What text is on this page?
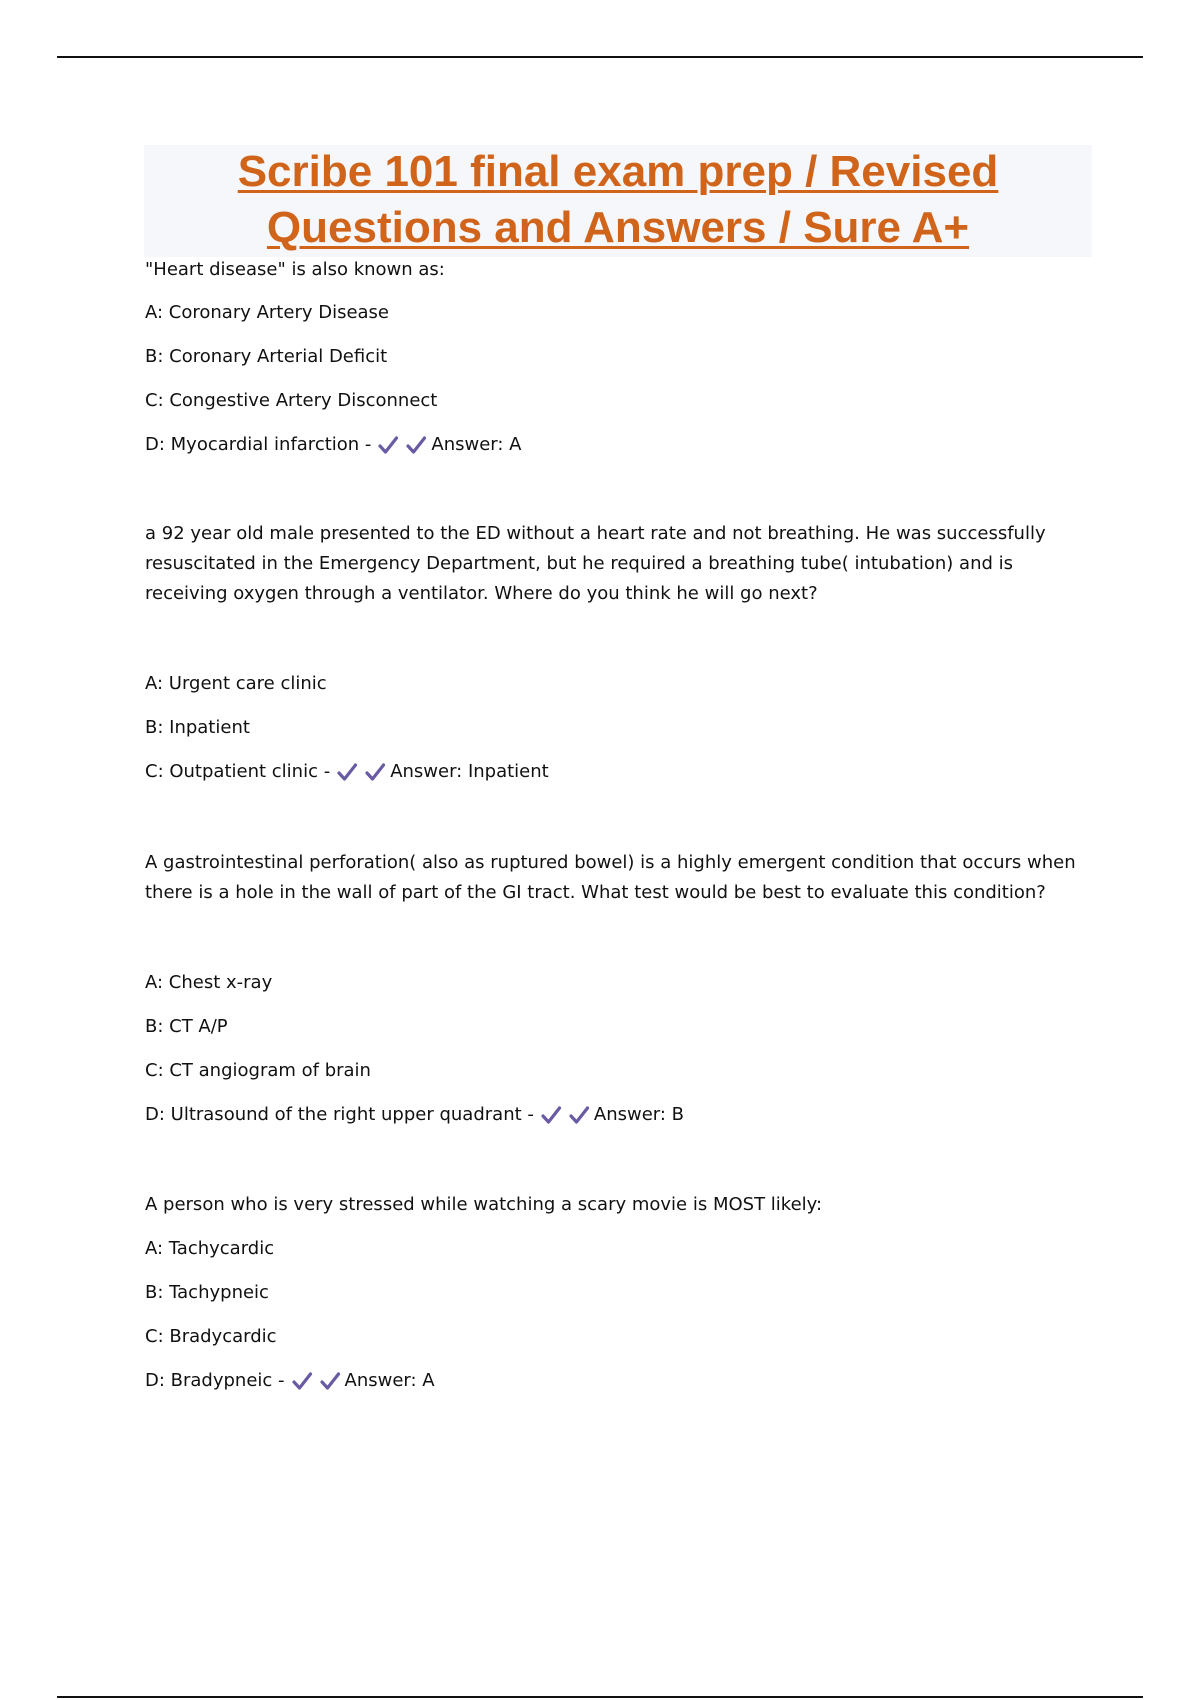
Scribe 101 final exam prep / Revised
Questions and Answers / Sure A+

"Heart disease" is also known as:

A: Coronary Artery Disease

B: Coronary Arterial Deficit

C: Congestive Artery Disconnect

D: Myocardial infarction -	Answer: A

a 92 year old male presented to the ED without a heart rate and not breathing. He was successfully resuscitated in the Emergency Department, but he required a breathing tube( intubation) and is receiving oxygen through a ventilator. Where do you think he will go next?

A: Urgent care clinic

B: Inpatient

C: Outpatient clinic -	Answer: Inpatient

A gastrointestinal perforation( also as ruptured bowel) is a highly emergent condition that occurs when there is a hole in the wall of part of the GI tract. What test would be best to evaluate this condition?

A: Chest x-ray

B: CT A/P

C: CT angiogram of brain

D: Ultrasound of the right upper quadrant -	Answer: B

A person who is very stressed while watching a scary movie is MOST likely:

A: Tachycardic

B: Tachypneic

C: Bradycardic

D: Bradypneic -	Answer: A
